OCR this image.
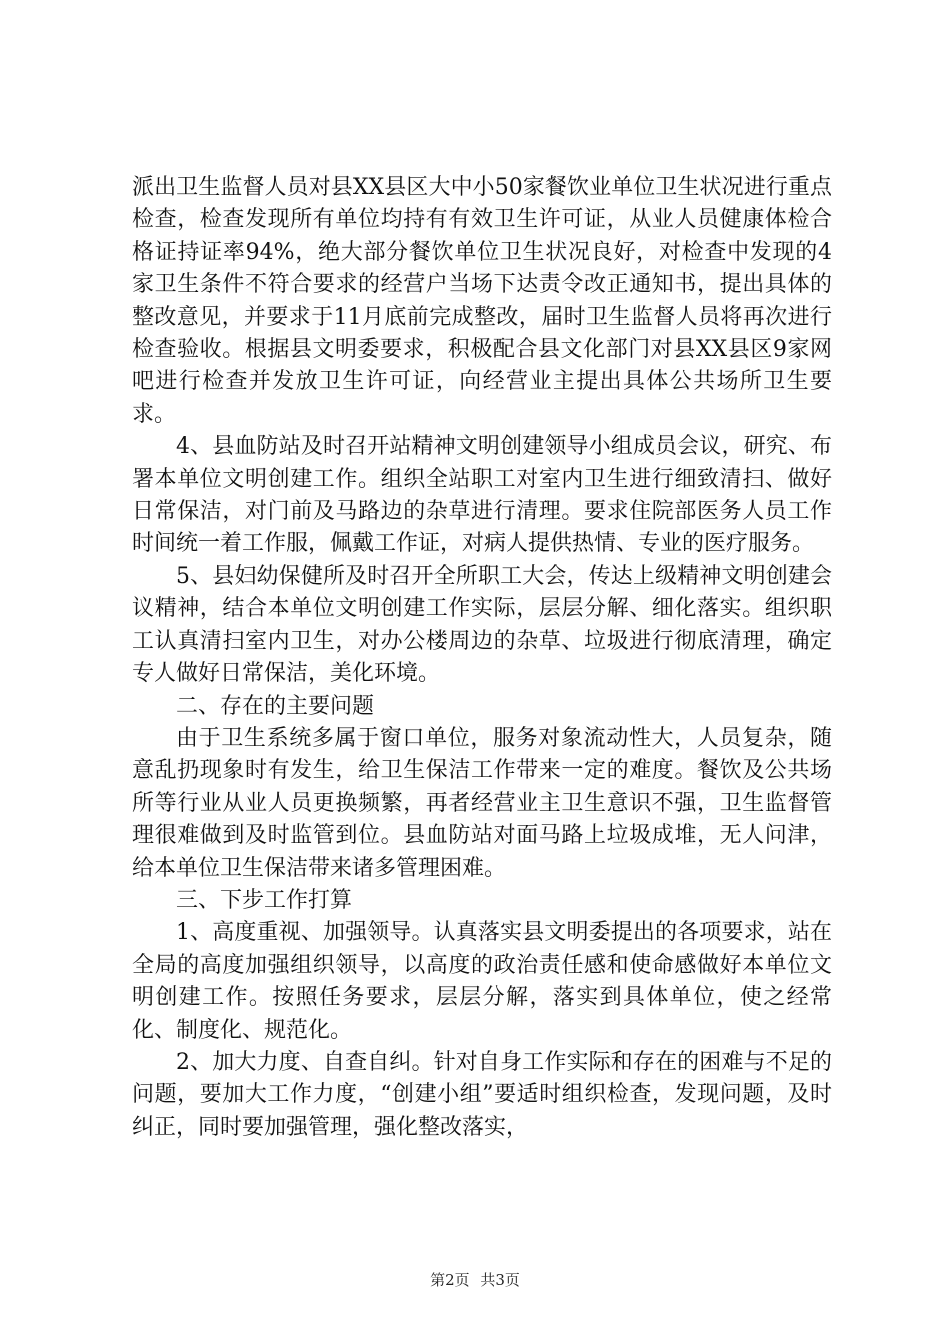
派出卫生监督人员对县XX县区大中小50家餐饮业单位卫生状况进行重点检查，检查发现所有单位均持有有效卫生许可证，从业人员健康体检合格证持证率94%，绝大部分餐饮单位卫生状况良好，对检查中发现的4家卫生条件不符合要求的经营户当场下达责令改正通知书，提出具体的整改意见，并要求于11月底前完成整改，届时卫生监督人员将再次进行检查验收。根据县文明委要求，积极配合县文化部门对县XX县区9家网吧进行检查并发放卫生许可证，向经营业主提出具体公共场所卫生要求。

4、县血防站及时召开站精神文明创建领导小组成员会议，研究、布署本单位文明创建工作。组织全站职工对室内卫生进行细致清扫、做好日常保洁，对门前及马路边的杂草进行清理。要求住院部医务人员工作时间统一着工作服，佩戴工作证，对病人提供热情、专业的医疗服务。

5、县妇幼保健所及时召开全所职工大会，传达上级精神文明创建会议精神，结合本单位文明创建工作实际，层层分解、细化落实。组织职工认真清扫室内卫生，对办公楼周边的杂草、垃圾进行彻底清理，确定专人做好日常保洁，美化环境。

二、存在的主要问题

由于卫生系统多属于窗口单位，服务对象流动性大，人员复杂，随意乱扔现象时有发生，给卫生保洁工作带来一定的难度。餐饮及公共场所等行业从业人员更换频繁，再者经营业主卫生意识不强，卫生监督管理很难做到及时监管到位。县血防站对面马路上垃圾成堆，无人问津，给本单位卫生保洁带来诸多管理困难。

三、下步工作打算

1、高度重视、加强领导。认真落实县文明委提出的各项要求，站在全局的高度加强组织领导，以高度的政治责任感和使命感做好本单位文明创建工作。按照任务要求，层层分解，落实到具体单位，使之经常化、制度化、规范化。

2、加大力度、自查自纠。针对自身工作实际和存在的困难与不足的问题，要加大工作力度，“创建小组”要适时组织检查，发现问题，及时纠正，同时要加强管理，强化整改落实，

第2页 共3页
